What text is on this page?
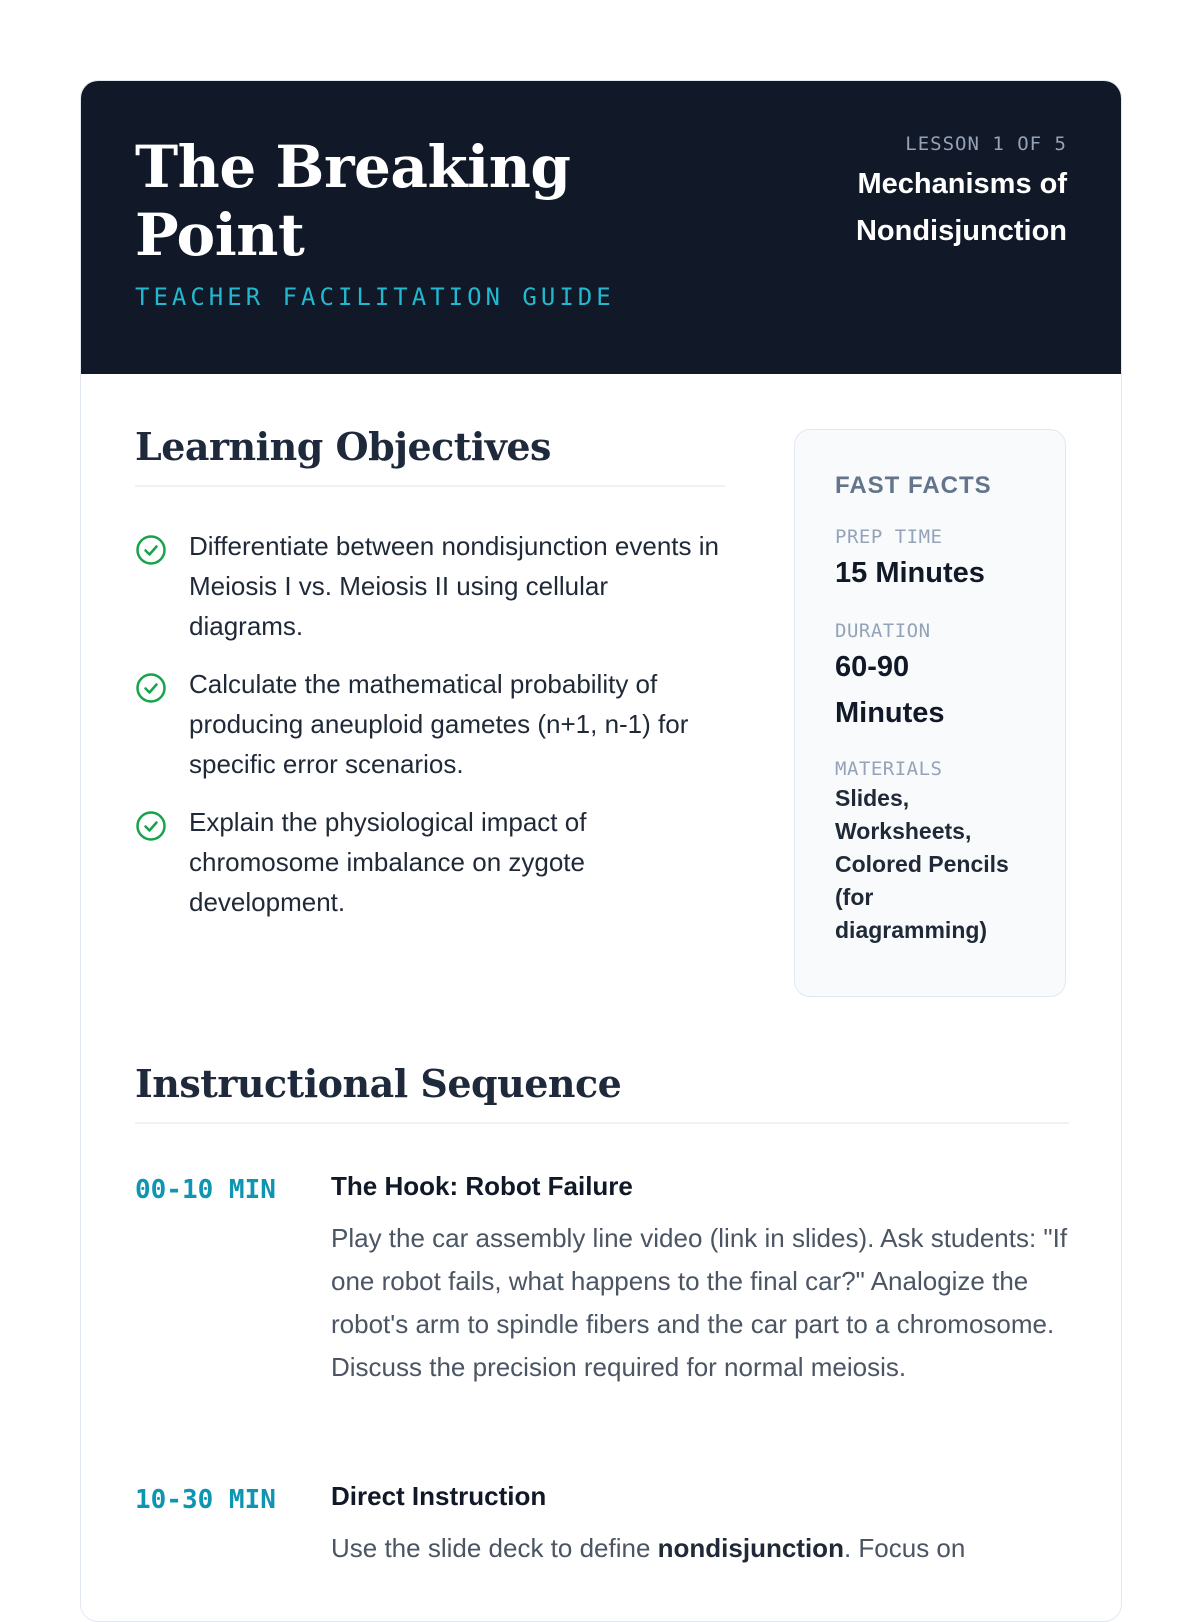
The Breaking Point
TEACHER FACILITATION GUIDE
LESSON 1 OF 5
Mechanisms of Nondisjunction
Learning Objectives
Differentiate between nondisjunction events in Meiosis I vs. Meiosis II using cellular diagrams.
Calculate the mathematical probability of producing aneuploid gametes (n+1, n-1) for specific error scenarios.
Explain the physiological impact of chromosome imbalance on zygote development.
FAST FACTS
PREP TIME
15 Minutes
DURATION
60-90 Minutes
MATERIALS
Slides, Worksheets, Colored Pencils (for diagramming)
Instructional Sequence
00-10 MIN The Hook: Robot Failure
Play the car assembly line video (link in slides). Ask students: "If one robot fails, what happens to the final car?" Analogize the robot's arm to spindle fibers and the car part to a chromosome. Discuss the precision required for normal meiosis.
10-30 MIN Direct Instruction
Use the slide deck to define nondisjunction. Focus on
